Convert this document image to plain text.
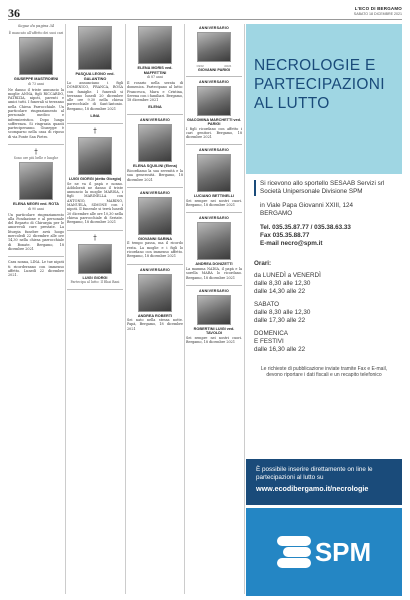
36	L'ECO DI BERGAMO
SABATO 18 DICEMBRE 2021
Segue da pagina 34
È mancato all'affetto dei suoi cari
GIUSEPPE MASTROIENI
di 73 anni

Ne danno il triste annuncio la moglie ANNA, figli RICCARDO, PATRIZIA, nipoti, parenti e amici tutti. I funerali si terranno nella Chiesa Parrocchiale. Un particolare ringraziamento al personale medico e infermieristico. Dopo lunga sofferenza. Si ringrazia quanti parteciperanno. Giuseppe è scomparso nella casa di riposo di via Ponte San Pietro.

†
Sono ore più belle e lunghe
ELENA NEGRI ved. ROTA
di 90 anni

Un particolare ringraziamento alla Fondazione e al personale del Reparto di Chirurgia per le amorevoli cure prestate. La liturgia funebre avrà luogo mercoledì 22 dicembre alle ore 14,30 nella chiesa parrocchiale di Bonate. Bergamo, 18 dicembre 2021

Cara nonna, LINA. Le tue nipoti ti ricorderanno con immenso affetto. Lunedì 22 dicembre 2021.

PASQUA LEGNO ved. GALANTINO

Lo annunciano i figli DOMENICO, FRANCA, ROSA con famiglie. I funerali si terranno lunedì 20 dicembre alle ore 9.30 nella chiesa parrocchiale di Sant'Antonio. Bergamo, 18 dicembre 2021

LINA
†
LUIGI GIORGI (detto Giorgio)

Se ne va il papà e nonno. Addolorati ne danno il triste annuncio la moglie MARISA, i figli MARINELLA con ANTONIO, MARINO, MANUELA, SIMONE con i nipoti. Il funerale si terrà lunedì 20 dicembre alle ore 10,30 nella chiesa parrocchiale di Seriate. Bergamo, 18 dicembre 2021

†
LUIGI GIORGI
Partecipa al lutto: Il Rhai Bani
ELENA MORIS ved. MAFFETTINI
di 87 anni

Il rosario nella serata di domenica. Partecipano al lutto: Francesca, Mara e Cristina, Serena con i familiari. Bergamo, 18 dicembre 2021

ELENA
ANNIVERSARIO
ELENA SQUILINI (Elena)

Ricordiamo la sua serenità e la sua generosità. Bergamo, 18 dicembre 2021

ANNIVERSARIO
GIOVANNI SARINA

Il tempo passa, ma il ricordo resta. La moglie e i figli lo ricordano con immenso affetto. Bergamo, 18 dicembre 2021

ANNIVERSARIO
ANDREA ROBERTI

Sei nato nella stessa notte. Papà, Bergamo, 18 dicembre 2021

ANNIVERSARIO
1932	2021
GIOVANNI PARIGI
ANNIVERSARIO
GIACOMINA MARCHETTI ved. PARIGI

I figli ricordano con affetto i cari genitori. Bergamo, 18 dicembre 2021

ANNIVERSARIO
LUCIANO BETTINELLI

Sei sempre nei nostri cuori. Bergamo, 18 dicembre 2021

ANNIVERSARIO
ANDREA DONIZETTI

La mamma NADIA, il papà e la sorella MARA lo ricordano. Bergamo, 18 dicembre 2021

ANNIVERSARIO
ROBERTINI LUIGI ved. TAVOLDI

Sei sempre nei nostri cuori. Bergamo, 18 dicembre 2021

NECROLOGIE E
PARTECIPAZIONI
AL LUTTO
Si ricevono allo sportello SESAAB Servizi srl Società Unipersonale Divisione SPM
in Viale Papa Giovanni XXIII, 124
BERGAMO
Tel. 035.35.87.77 / 035.38.63.33
Fax 035.35.88.77
E-mail necro@spm.it
Orari:
da LUNEDÌ a VENERDÌ
dalle 8,30 alle 12,30
dalle 14,30 alle 22
SABATO
dalle 8,30 alle 12,30
dalle 17,30 alle 22
DOMENICA
E FESTIVI
dalle 16,30 alle 22
Le richieste di pubblicazione inviate tramite Fax e E-mail, devono riportare i dati fiscali e un recapito telefonico
È possibile inserire direttamente on line le partecipazioni al lutto su
www.ecodibergamo.it/necrologie
SPM
